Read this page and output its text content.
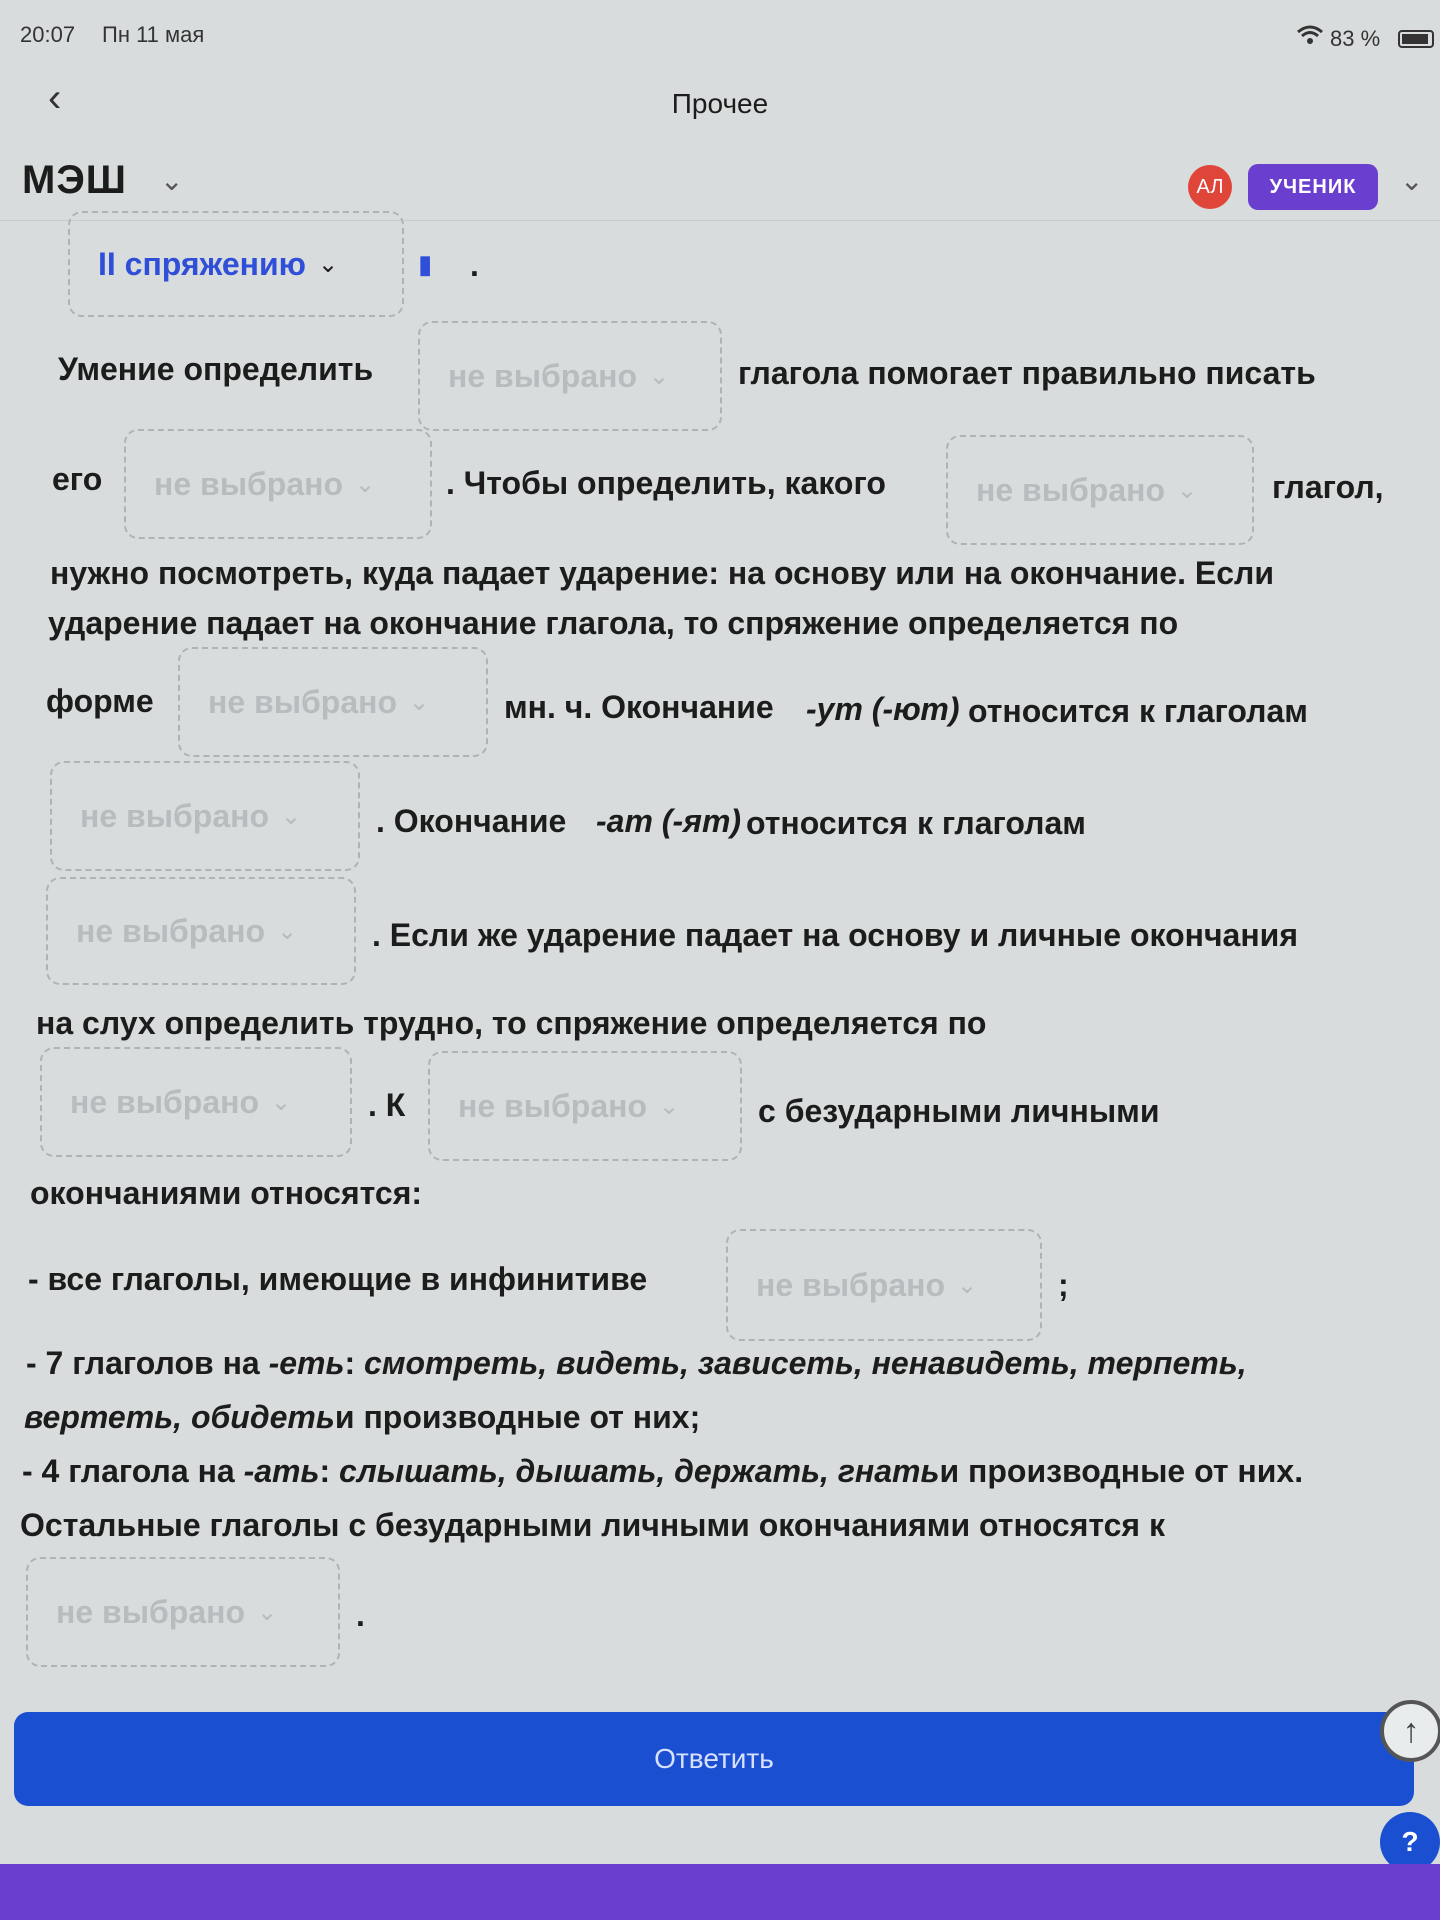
20:07 Пн 11 мая	83 %
‹	Прочее
МЭШ ⌄	АЛ	УЧЕНИК	⌄
II спряжению ⌄	▮ .
Умение определить не выбрано ⌄ глагола помогает правильно писать
его не выбрано ⌄ . Чтобы определить, какого	не выбрано ⌄ глагол,
нужно посмотреть, куда падает ударение: на основу или на окончание. Если
ударение падает на окончание глагола, то спряжение определяется по
форме не выбрано ⌄ мн. ч. Окончание -ут (-ют) относится к глаголам
не выбрано ⌄ . Окончание -ат (-ят) относится к глаголам
не выбрано ⌄ . Если же ударение падает на основу и личные окончания
на слух определить трудно, то спряжение определяется по
не выбрано ⌄ . К не выбрано ⌄ с безударными личными
окончаниями относятся:
- все глаголы, имеющие в инфинитиве	не выбрано ⌄	;
- 7 глаголов на -еть: смотреть, видеть, зависеть, ненавидеть, терпеть,
вертеть, обидетьи производные от них;
- 4 глагола на -ать: слышать, дышать, держать, гнатьи производные от них.
Остальные глаголы с безударными личными окончаниями относятся к
не выбрано ⌄ .
Ответить
↑
?
